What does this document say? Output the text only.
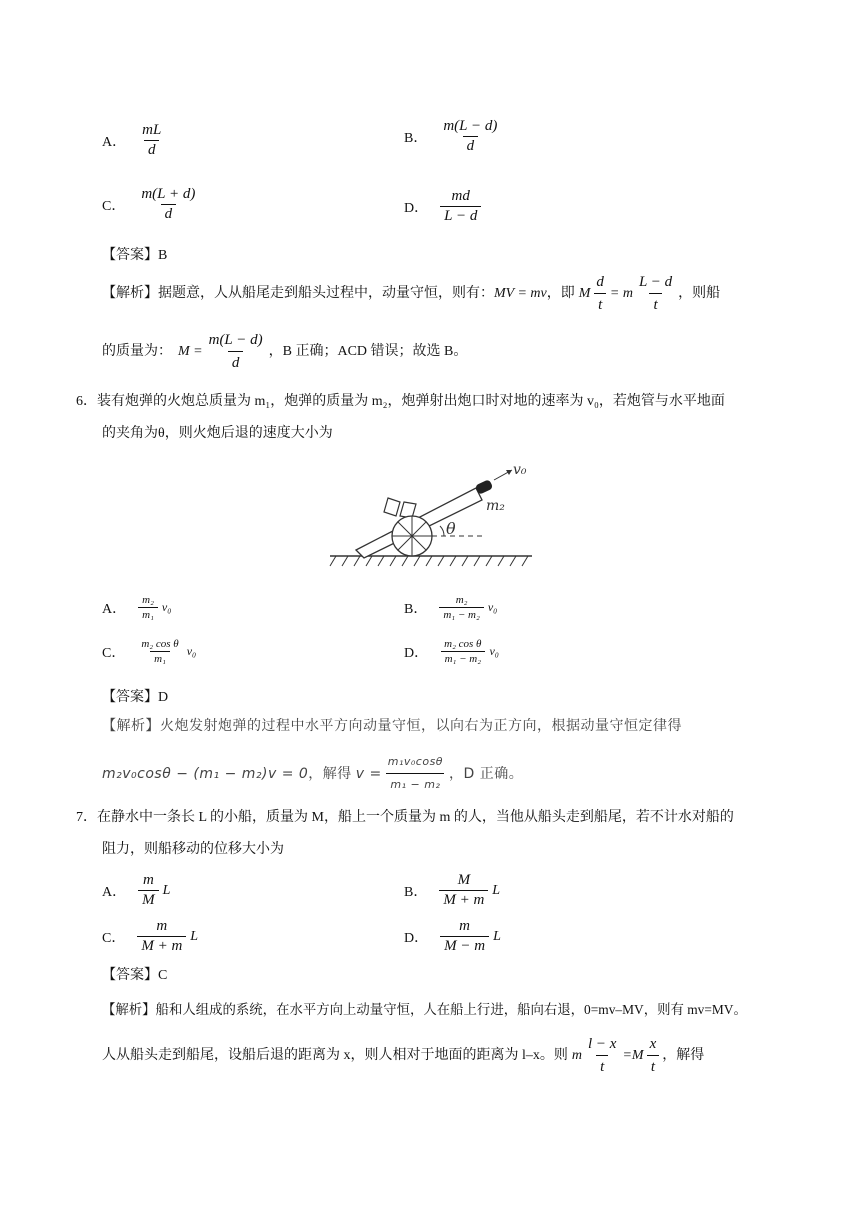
A． $\frac{mL}{d}$	B． $\frac{m(L - d)}{d}$
C． $\frac{m(L + d)}{d}$	D． $\frac{md}{L - d}$
【答案】B
【解析】据题意，人从船尾走到船头过程中，动量守恒，则有： MV = mv ，即 M $\frac{d}{t} = m \frac{L - d}{t}$ ，则船
的质量为： $M = \frac{m(L - d)}{d}$ ，B 正确；ACD 错误；故选 B。
6．装有炮弹的火炮总质量为 m₁，炮弹的质量为 m₂，炮弹射出炮口时对地的速率为 v₀，若炮管与水平地面
的夹角为θ，则火炮后退的速度大小为
θ
v₀
m₂
A． $\frac{\text{m₂}}{\text{m₁}} v_0$	B． $\frac{\text{m₂}}{\text{m₁ − m₂}} v_0$
C． $\frac{\text{m₂ cos θ}}{\text{m₁}} v_0$	D． $\frac{\text{m₂ cos θ}}{\text{m₁ − m₂}} v_0$
【答案】D
【解析】火炮发射炮弹的过程中水平方向动量守恒，以向右为正方向，根据动量守恒定律得
m₂v₀cosθ − (m₁ − m₂)v = 0 ，解得 $v = \frac{\text{m₁v₀cosθ}}{\text{m₁ − m₂}}$ ，D 正确。
7．在静水中一条长 L 的小船，质量为 M，船上一个质量为 m 的人，当他从船头走到船尾，若不计水对船的
阻力，则船移动的位移大小为
A． $\frac{m}{M}$ L	B． $\frac{M}{M + m}$ L
C． $\frac{m}{M + m}$ L	D． $\frac{m}{M - m}$ L
【答案】C
【解析】船和人组成的系统，在水平方向上动量守恒，人在船上行进，船向右退，0=mv–MV，则有 mv=MV。
人从船头走到船尾，设船后退的距离为 x，则人相对于地面的距离为 l–x。则 m $\frac{l - x}{t} =M \frac{x}{t}$ ，解得
